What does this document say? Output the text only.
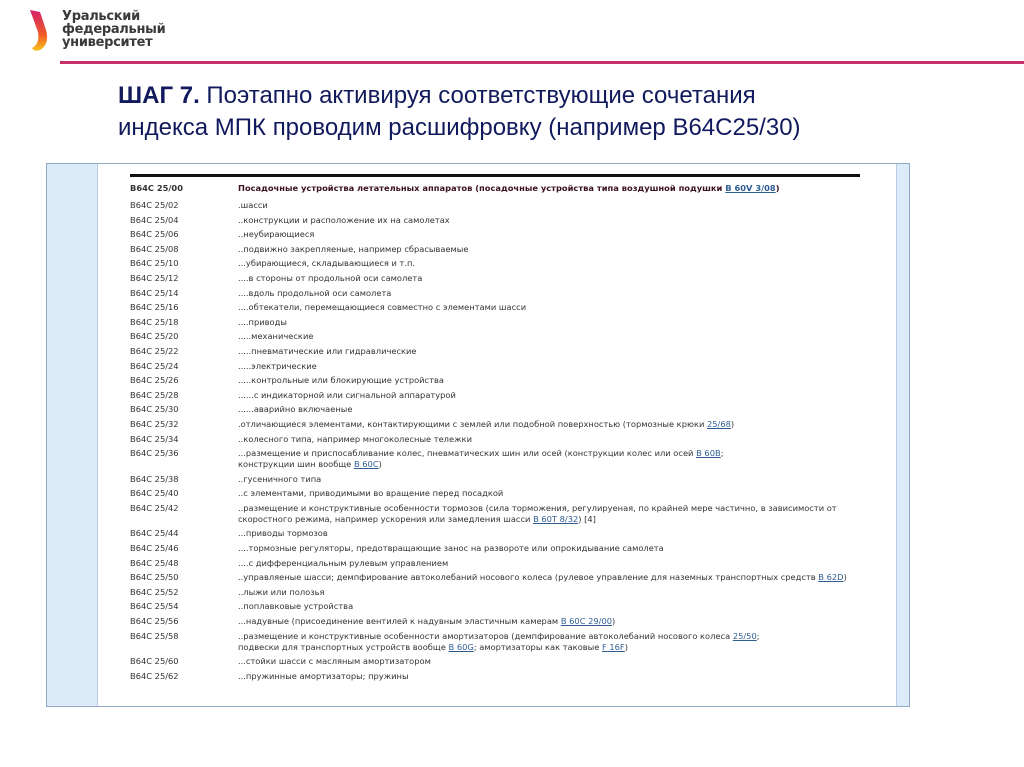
Уральский
федеральный
университет
ШАГ 7. Поэтапно активируя соответствующие сочетания
индекса МПК проводим расшифровку (например В64С25/30)
B64C 25/00	Посадочные устройства летательных аппаратов (посадочные устройства типа воздушной подушки B 60V 3/08)
B64C 25/02	.шасси
B64C 25/04	..конструкции и расположение их на самолетах
B64C 25/06	..неубирающиеся
B64C 25/08	..подвижно закрепляеные, например сбрасываемые
B64C 25/10	...убирающиеся, складывающиеся и т.п.
B64C 25/12	....в стороны от продольной оси самолета
B64C 25/14	....вдоль продольной оси самолета
B64C 25/16	....обтекатели, перемещающиеся совместно с элементами шасси
B64C 25/18	....приводы
B64C 25/20	.....механические
B64C 25/22	.....пневматические или гидравлические
B64C 25/24	.....электрические
B64C 25/26	.....контрольные или блокирующие устройства
B64C 25/28	......с индикаторной или сигнальной аппаратурой
B64C 25/30	......аварийно включаеные
B64C 25/32	.отличающиеся элементами, контактирующими с землей или подобной поверхностью (тормозные крюки 25/68)
B64C 25/34	..колесного типа, например многоколесные тележки
B64C 25/36	...размещение и приспосабливание колес, пневматических шин или осей (конструкции колес или осей B 60B;
конструкции шин вообще B 60C)
B64C 25/38	..гусеничного типа
B64C 25/40	..с элементами, приводимыми во вращение перед посадкой
B64C 25/42	..размещение и конструктивные особенности тормозов (сила торможения, регулируеная, по крайней мере частично, в зависимости от скоростного режима, например ускорения или замедления шасси B 60T 8/32) [4]
B64C 25/44	...приводы тормозов
B64C 25/46	....тормозные регуляторы, предотвращающие занос на развороте или опрокидывание самолета
B64C 25/48	....с дифференциальным рулевым управлением
B64C 25/50	..управляеные шасси; демпфирование автоколебаний носового колеса (рулевое управление для наземных транспортных средств B 62D)
B64C 25/52	..лыжи или полозья
B64C 25/54	..поплавковые устройства
B64C 25/56	...надувные (присоединение вентилей к надувным эластичным камерам B 60C 29/00)
B64C 25/58	..размещение и конструктивные особенности амортизаторов (демпфирование автоколебаний носового колеса 25/50;
подвески для транспортных устройств вообще B 60G; амортизаторы как таковые F 16F)
B64C 25/60	...стойки шасси с масляным амортизатором
B64C 25/62	...пружинные амортизаторы; пружины
